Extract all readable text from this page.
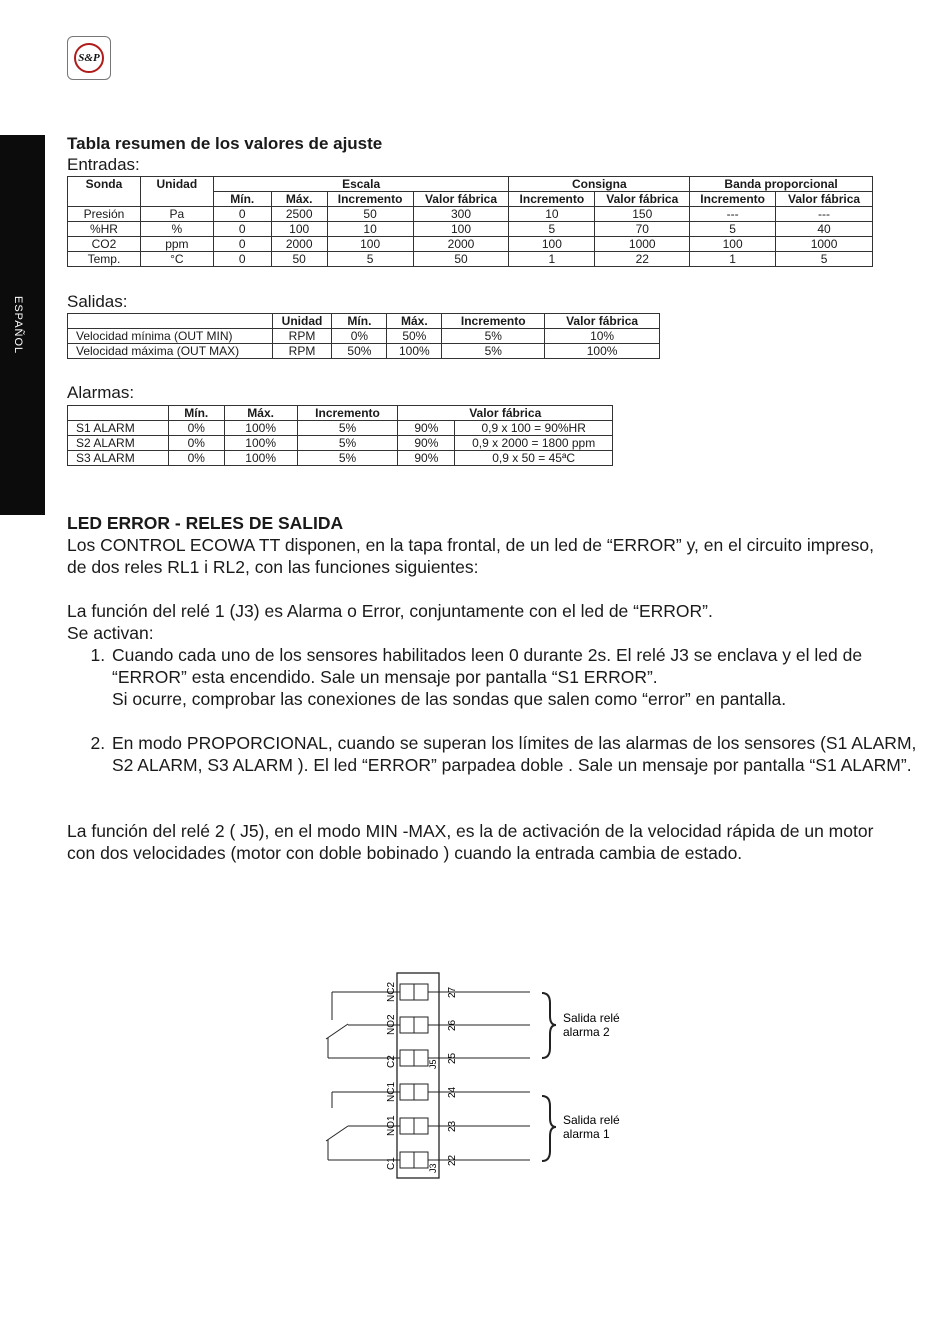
S&P
ESPAÑOL
Tabla resumen de los valores de ajuste

Entradas:

Sonda	Unidad	Escala				Consigna		Banda proporcional	
		Mín.	Máx.	Incremento	Valor fábrica	Incremento	Valor fábrica	Incremento	Valor fábrica
Presión	Pa	0	2500	50	300	10	150	---	---
%HR	%	0	100	10	100	5	70	5	40
CO2	ppm	0	2000	100	2000	100	1000	100	1000
Temp.	°C	0	50	5	50	1	22	1	5

Salidas:

	Unidad	Mín.	Máx.	Incremento	Valor fábrica
Velocidad mínima (OUT MIN)	RPM	0%	50%	5%	10%
Velocidad máxima (OUT MAX)	RPM	50%	100%	5%	100%

Alarmas:

	Mín.	Máx.	Incremento	Valor fábrica	
S1 ALARM	0%	100%	5%	90%	0,9 x 100 = 90%HR
S2 ALARM	0%	100%	5%	90%	0,9 x 2000 = 1800 ppm
S3 ALARM	0%	100%	5%	90%	0,9 x 50 = 45ªC
LED ERROR - RELES DE SALIDA

Los CONTROL ECOWA TT disponen, en la tapa frontal, de un led de “ERROR” y, en el circuito impreso, de dos reles RL1 i RL2, con las funciones siguientes:

La función del relé 1 (J3) es Alarma o Error, conjuntamente con el led de “ERROR”.

Se activan:

1. Cuando cada uno de los sensores habilitados leen 0 durante 2s. El relé J3 se enclava y el led de “ERROR” esta encendido. Sale un mensaje por pantalla “S1 ERROR”.
Si ocurre, comprobar las conexiones de las sondas que salen como “error” en pantalla.

2. En modo PROPORCIONAL, cuando se superan los límites de las alarmas de los sensores (S1 ALARM, S2 ALARM, S3 ALARM ). El led “ERROR” parpadea doble . Sale un mensaje por pantalla “S1 ALARM”.

La función del relé 2 ( J5), en el modo MIN -MAX, es la de activación de la velocidad rápida de un motor con dos velocidades (motor con doble bobinado ) cuando la entrada cambia de estado.

NC2	27
NO2	26
C2	25
NC1	24
NO1	23
C1	22
J5
J3
Salida relé alarma 2
Salida relé alarma 1
